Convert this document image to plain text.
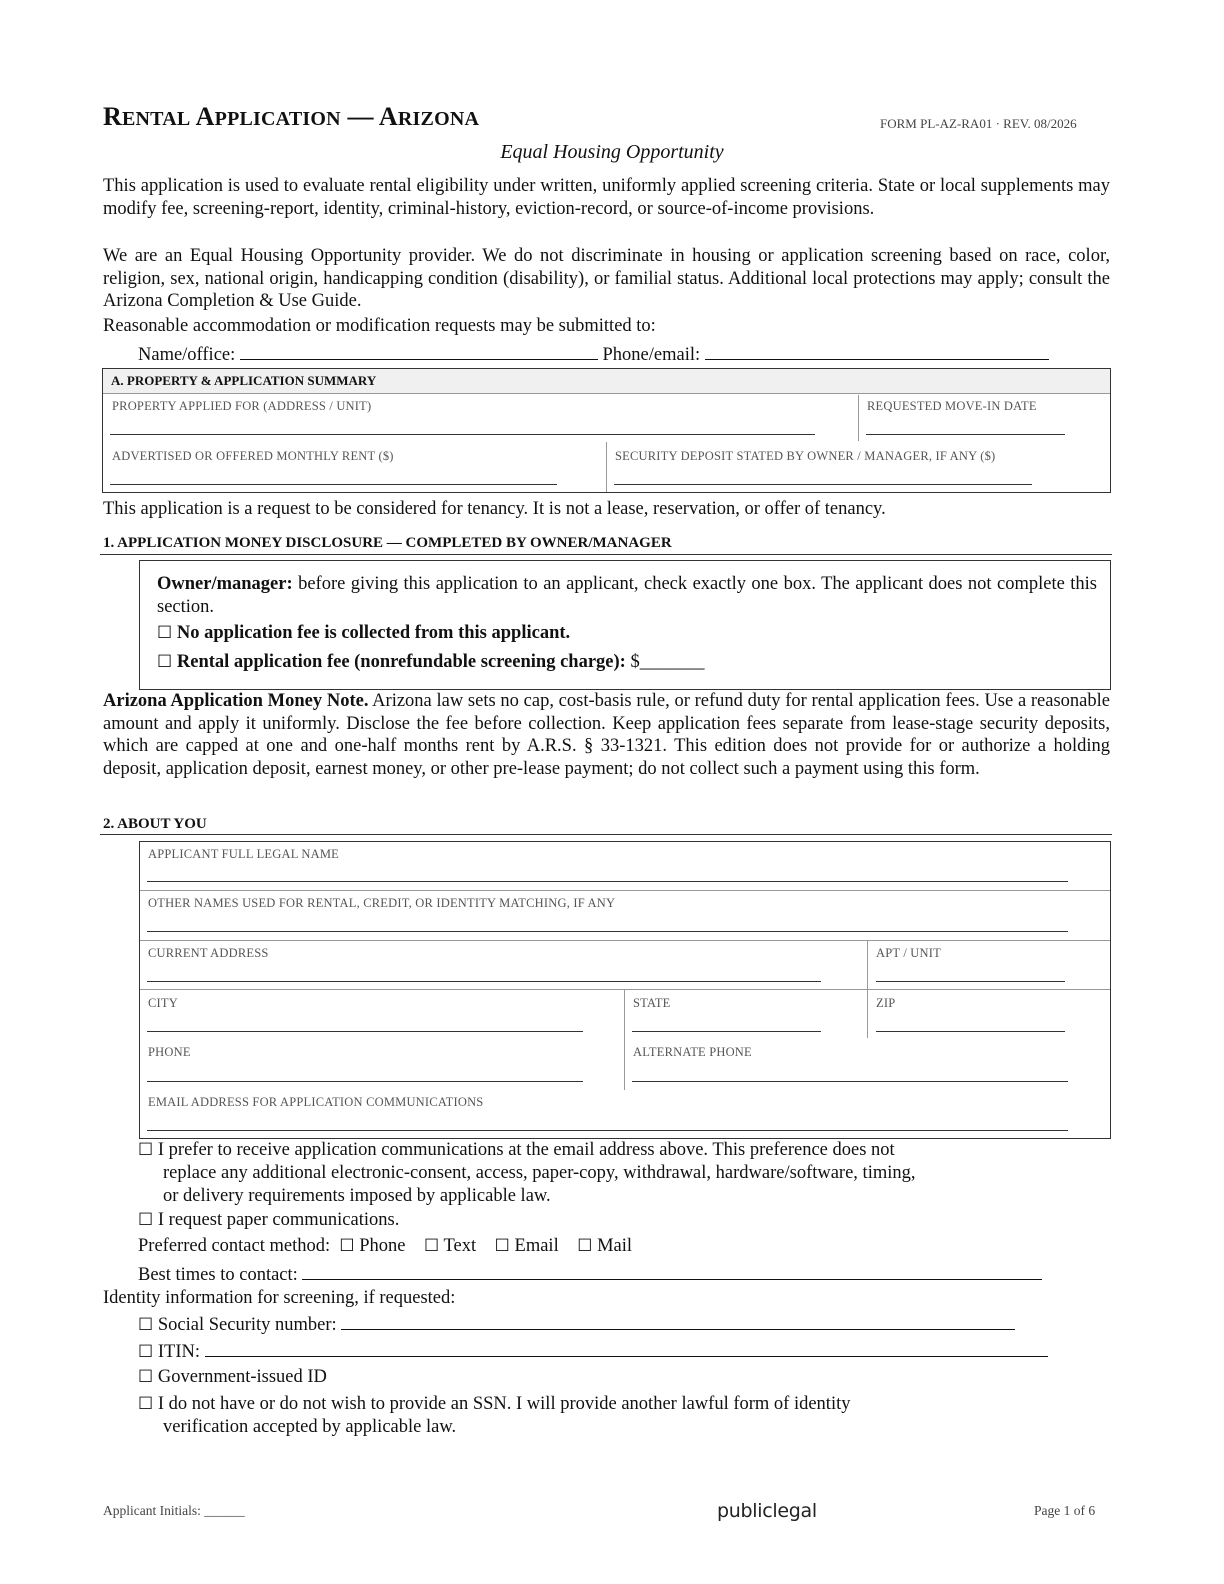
RENTAL APPLICATION — ARIZONA	FORM PL-AZ-RA01 · REV. 08/2026
Equal Housing Opportunity
This application is used to evaluate rental eligibility under written, uniformly applied screening criteria. State or local supplements may modify fee, screening-report, identity, criminal-history, eviction-record, or source-of-income provisions.
We are an Equal Housing Opportunity provider. We do not discriminate in housing or application screening based on race, color, religion, sex, national origin, handicapping condition (disability), or familial status. Additional local protections may apply; consult the Arizona Completion & Use Guide.
Reasonable accommodation or modification requests may be submitted to:
Name/office:	Phone/email:
A. PROPERTY & APPLICATION SUMMARY
PROPERTY APPLIED FOR (ADDRESS / UNIT)	REQUESTED MOVE-IN DATE
ADVERTISED OR OFFERED MONTHLY RENT ($)	SECURITY DEPOSIT STATED BY OWNER / MANAGER, IF ANY ($)
This application is a request to be considered for tenancy. It is not a lease, reservation, or offer of tenancy.
1. APPLICATION MONEY DISCLOSURE — COMPLETED BY OWNER/MANAGER
Owner/manager: before giving this application to an applicant, check exactly one box. The applicant does not complete this section.
☐ No application fee is collected from this applicant.
☐ Rental application fee (nonrefundable screening charge): $_______
Arizona Application Money Note. Arizona law sets no cap, cost-basis rule, or refund duty for rental application fees. Use a reasonable amount and apply it uniformly. Disclose the fee before collection. Keep application fees separate from lease-stage security deposits, which are capped at one and one-half months rent by A.R.S. § 33-1321. This edition does not provide for or authorize a holding deposit, application deposit, earnest money, or other pre-lease payment; do not collect such a payment using this form.
2. ABOUT YOU
APPLICANT FULL LEGAL NAME
OTHER NAMES USED FOR RENTAL, CREDIT, OR IDENTITY MATCHING, IF ANY
CURRENT ADDRESS	APT / UNIT
CITY	STATE	ZIP
PHONE	ALTERNATE PHONE
EMAIL ADDRESS FOR APPLICATION COMMUNICATIONS
☐ I prefer to receive application communications at the email address above. This preference does not
replace any additional electronic-consent, access, paper-copy, withdrawal, hardware/software, timing,
or delivery requirements imposed by applicable law.
☐ I request paper communications.
Preferred contact method: ☐ Phone ☐ Text ☐ Email ☐ Mail
Best times to contact:
Identity information for screening, if requested:
☐ Social Security number:
☐ ITIN:
☐ Government-issued ID
☐ I do not have or do not wish to provide an SSN. I will provide another lawful form of identity
verification accepted by applicable law.
Applicant Initials: ______	publiclegal	Page 1 of 6
